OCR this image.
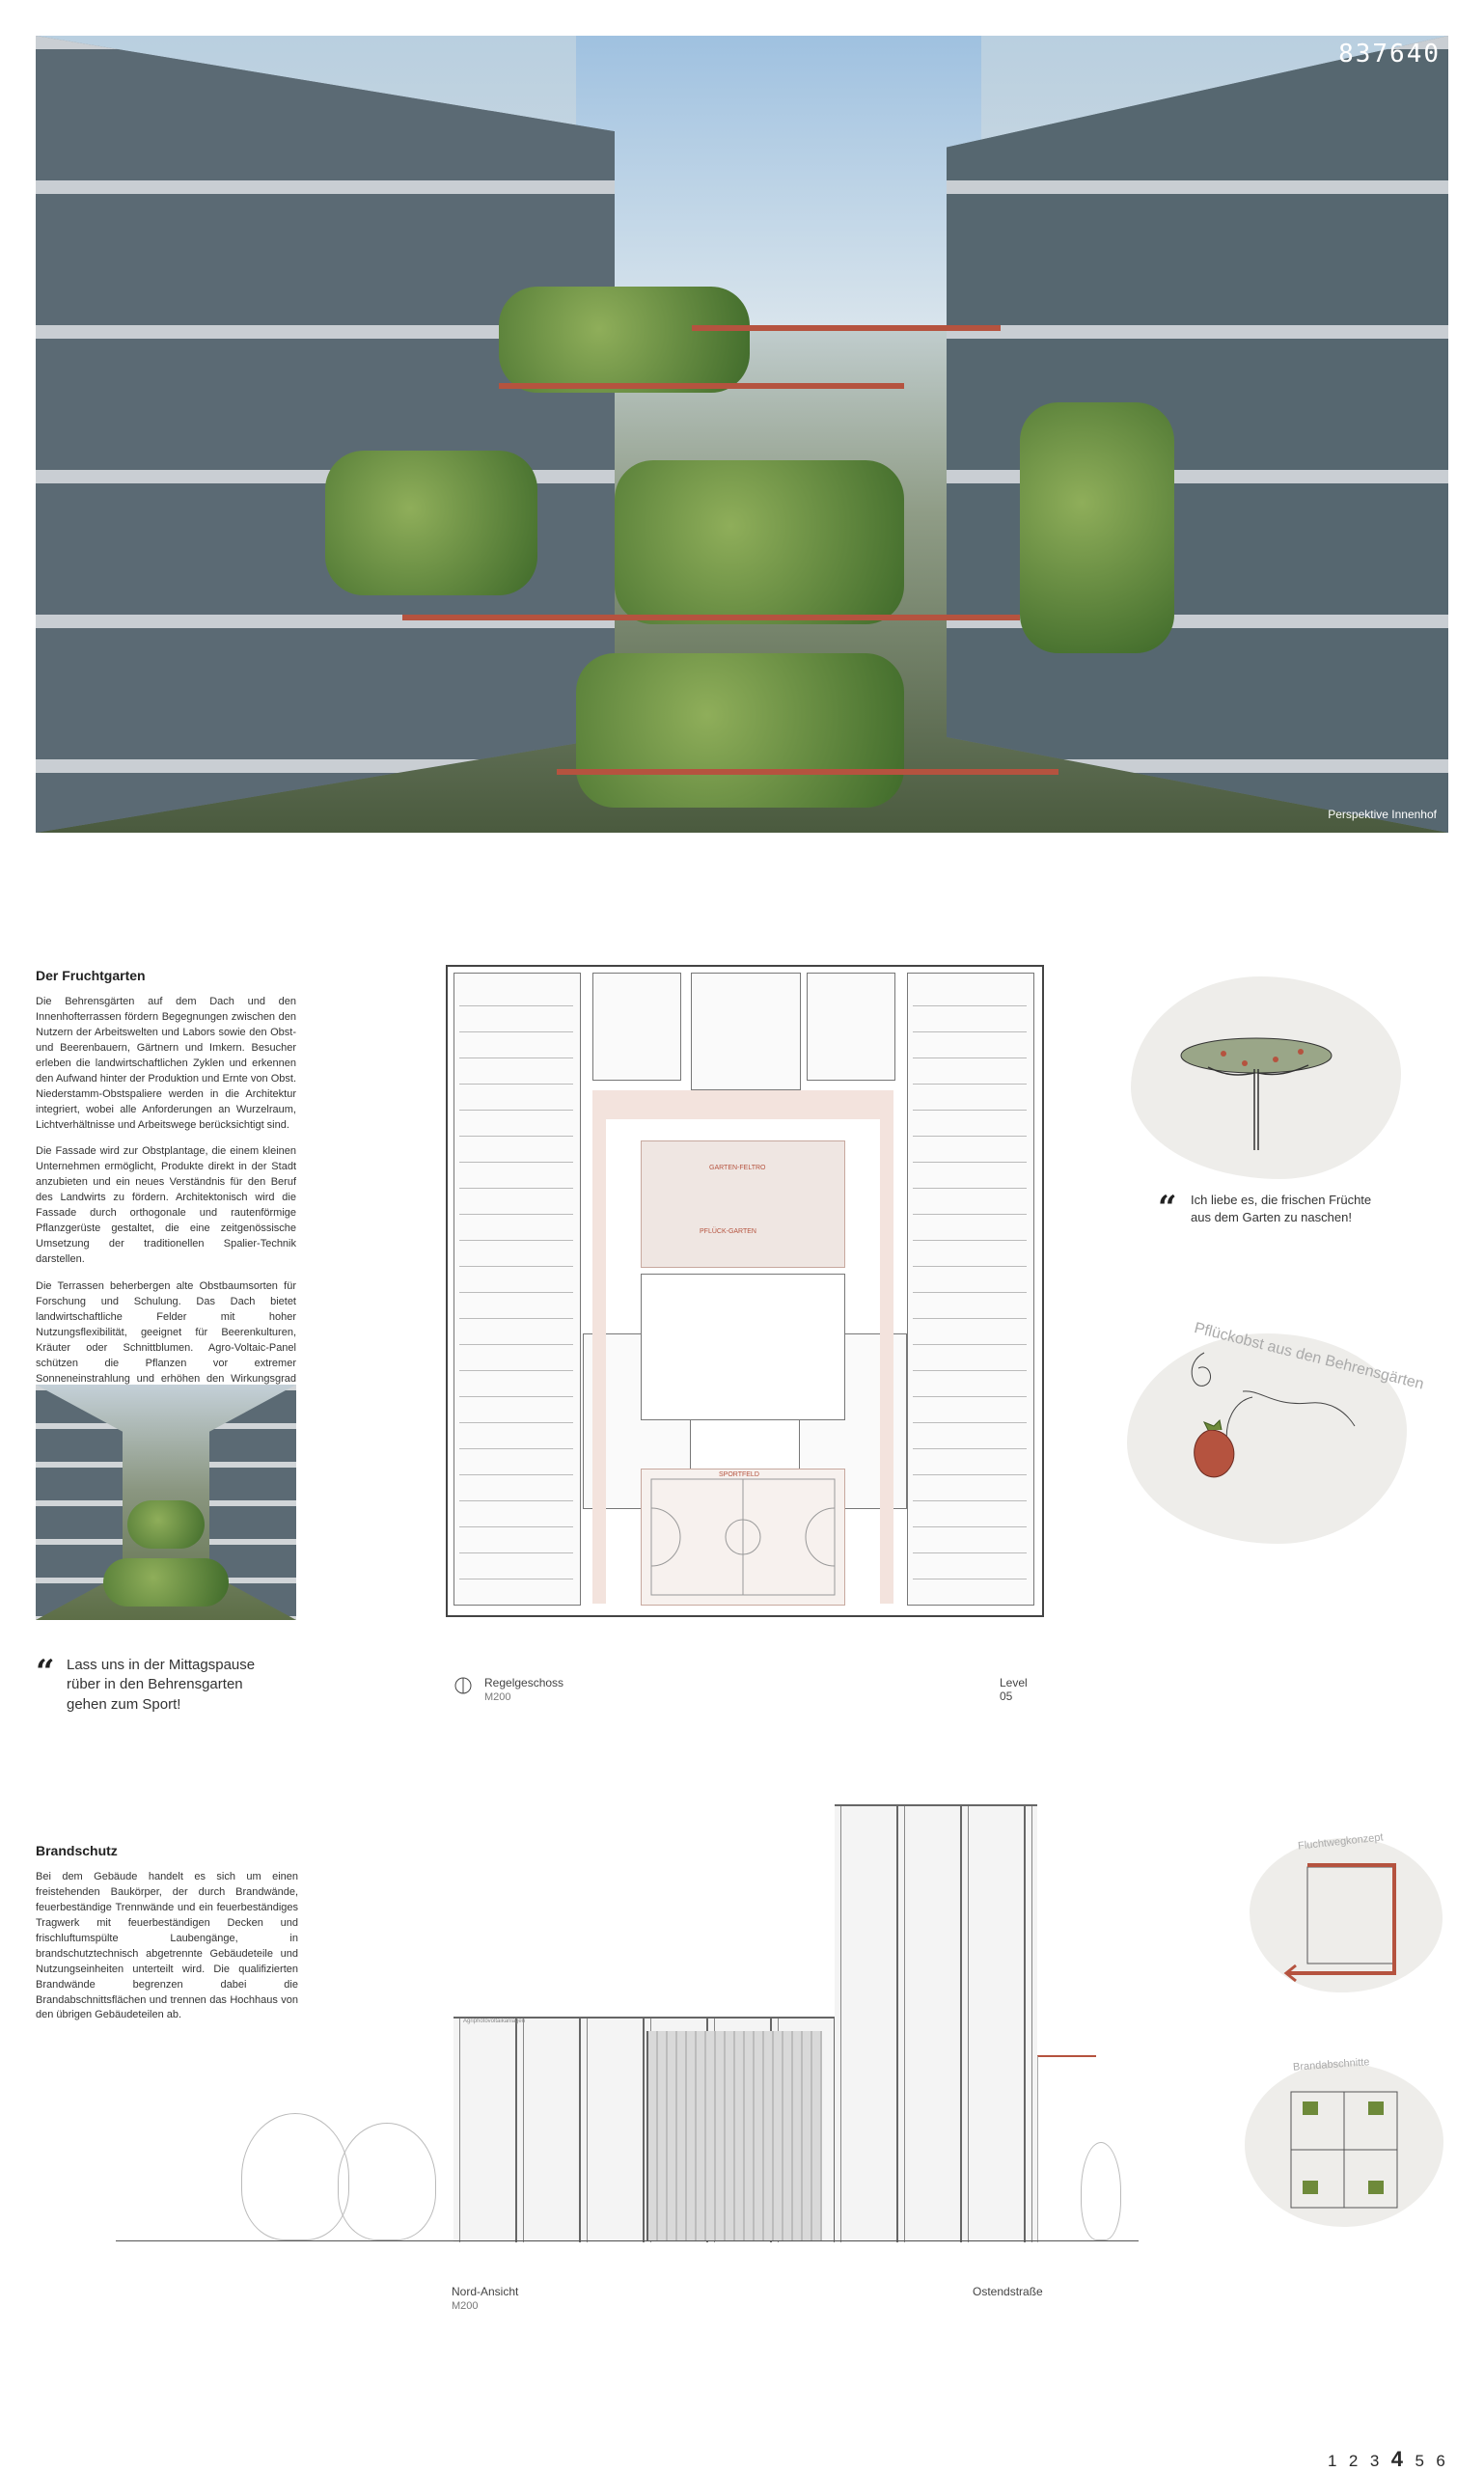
837640
Perspektive Innenhof
Der Fruchtgarten

Die Behrensgärten auf dem Dach und den Innenhofterrassen fördern Begegnungen zwischen den Nutzern der Arbeitswelten und Labors sowie den Obst- und Beerenbauern, Gärtnern und Imkern. Besucher erleben die landwirtschaftlichen Zyklen und erkennen den Aufwand hinter der Produktion und Ernte von Obst. Niederstamm-Obstspaliere werden in die Architektur integriert, wobei alle Anforderungen an Wurzelraum, Lichtverhältnisse und Arbeitswege berücksichtigt sind.

Die Fassade wird zur Obstplantage, die einem kleinen Unternehmen ermöglicht, Produkte direkt in der Stadt anzubieten und ein neues Verständnis für den Beruf des Landwirts zu fördern. Architektonisch wird die Fassade durch orthogonale und rautenförmige Pflanzgerüste gestaltet, die eine zeitgenössische Umsetzung der traditionellen Spalier-Technik darstellen.

Die Terrassen beherbergen alte Obstbaumsorten für Forschung und Schulung. Das Dach bietet landwirtschaftliche Felder mit hoher Nutzungsflexibilität, geeignet für Beerenkulturen, Kräuter oder Schnittblumen. Agro-Voltaic-Panel schützen die Pflanzen vor extremer Sonneneinstrahlung und erhöhen den Wirkungsgrad

“ Lass uns in der Mittagspause rüber in den Behrensgarten gehen zum Sport!
GARTEN-FELTRO
PFLÜCK-GARTEN
SPORTFELD
Regelgeschoss
M200
Level 05
“ Ich liebe es, die frischen Früchte aus dem Garten zu naschen!
Pflückobst aus den Behrensgärten
Brandschutz

Bei dem Gebäude handelt es sich um einen freistehenden Baukörper, der durch Brandwände, feuerbeständige Trennwände und ein feuerbeständiges Tragwerk mit feuerbeständigen Decken und frischluftumspülte Laubengänge, in brandschutztechnisch abgetrennte Gebäudeteile und Nutzungseinheiten unterteilt wird. Die qualifizierten Brandwände begrenzen dabei die Brandabschnittsflächen und trennen das Hochhaus von den übrigen Gebäudeteilen ab.

Agriphotovoltaikanlagen
Nord-Ansicht
M200
Ostendstraße
Fluchtwegkonzept
Brandabschnitte
1 2 3 4 5 6
